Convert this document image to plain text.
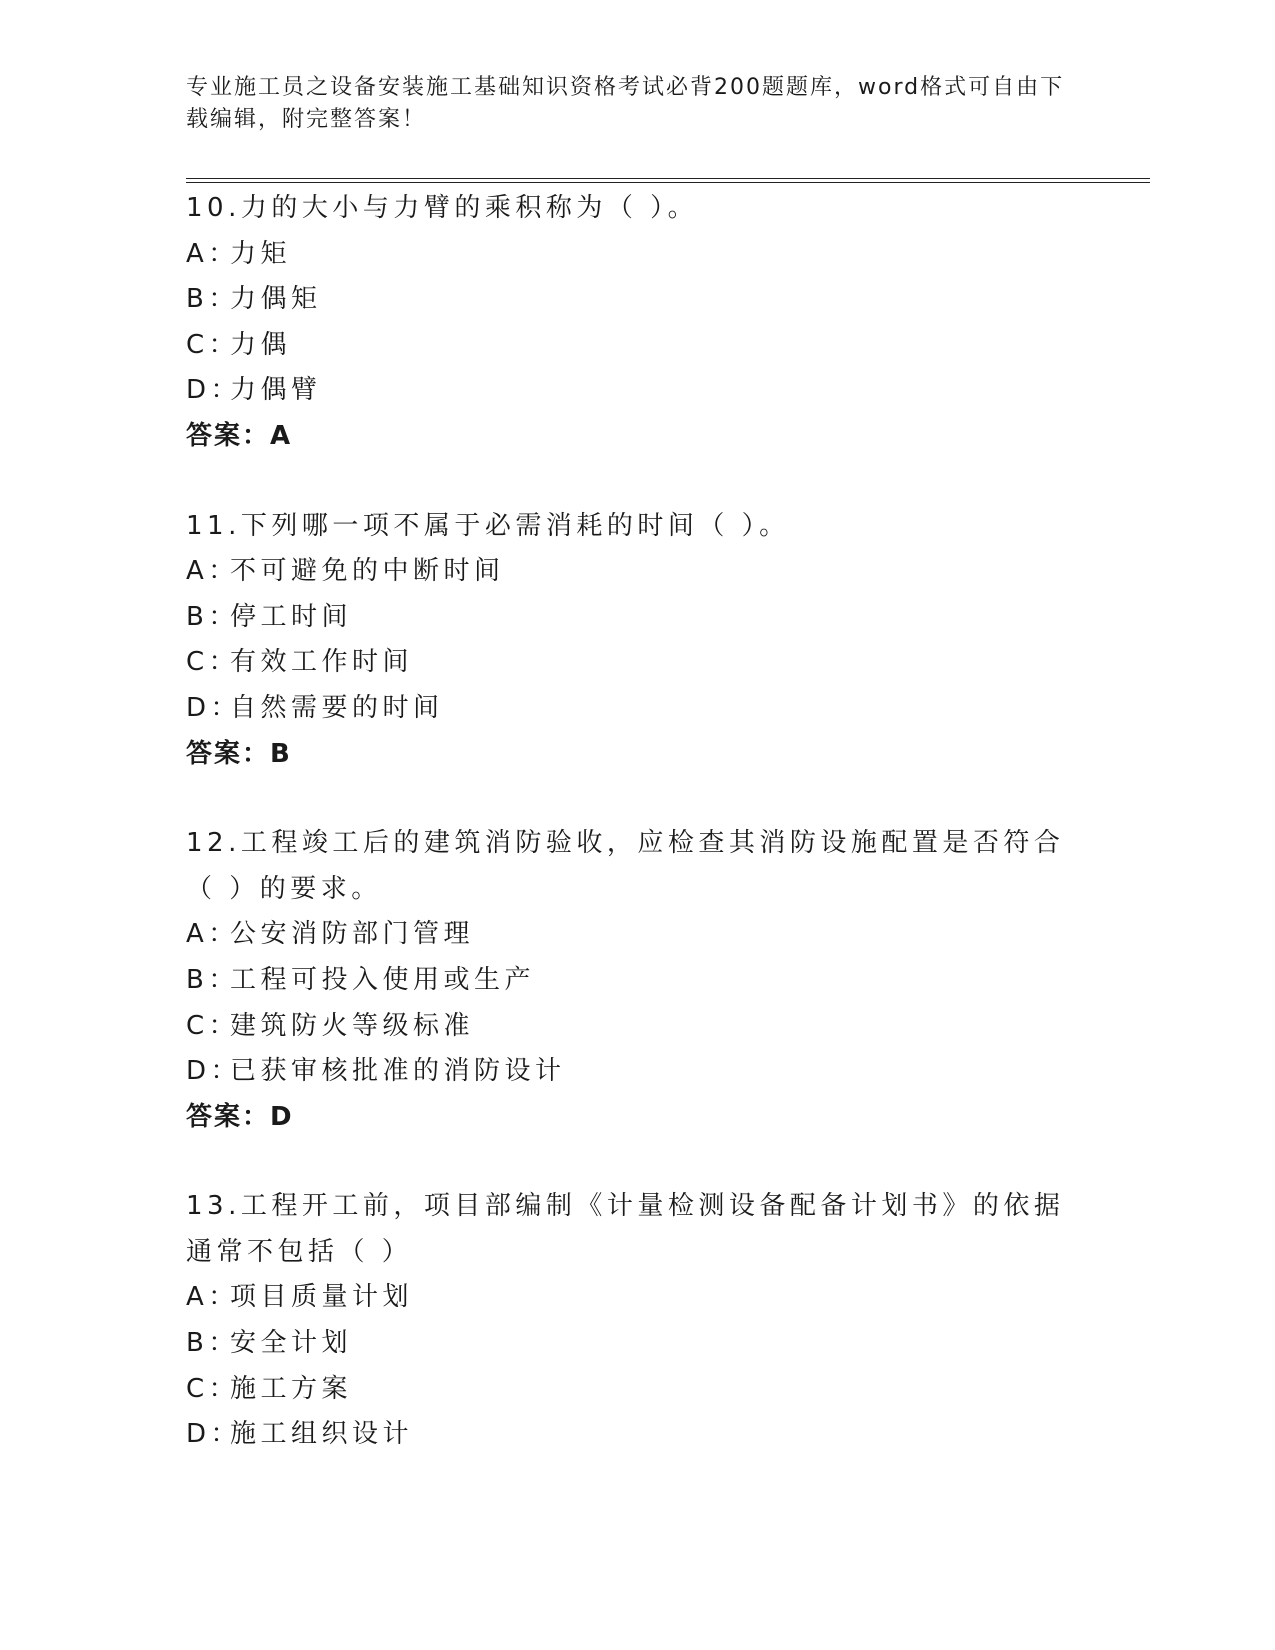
专业施工员之设备安装施工基础知识资格考试必背200题题库，word格式可自由下载编辑，附完整答案！
10.力的大小与力臂的乘积称为（ ）。
A：力矩
B：力偶矩
C：力偶
D：力偶臂
答案：A
11.下列哪一项不属于必需消耗的时间（ ）。
A：不可避免的中断时间
B：停工时间
C：有效工作时间
D：自然需要的时间
答案：B
12.工程竣工后的建筑消防验收，应检查其消防设施配置是否符合（ ）的要求。
A：公安消防部门管理
B：工程可投入使用或生产
C：建筑防火等级标准
D：已获审核批准的消防设计
答案：D
13.工程开工前，项目部编制《计量检测设备配备计划书》的依据通常不包括（ ）
A：项目质量计划
B：安全计划
C：施工方案
D：施工组织设计
